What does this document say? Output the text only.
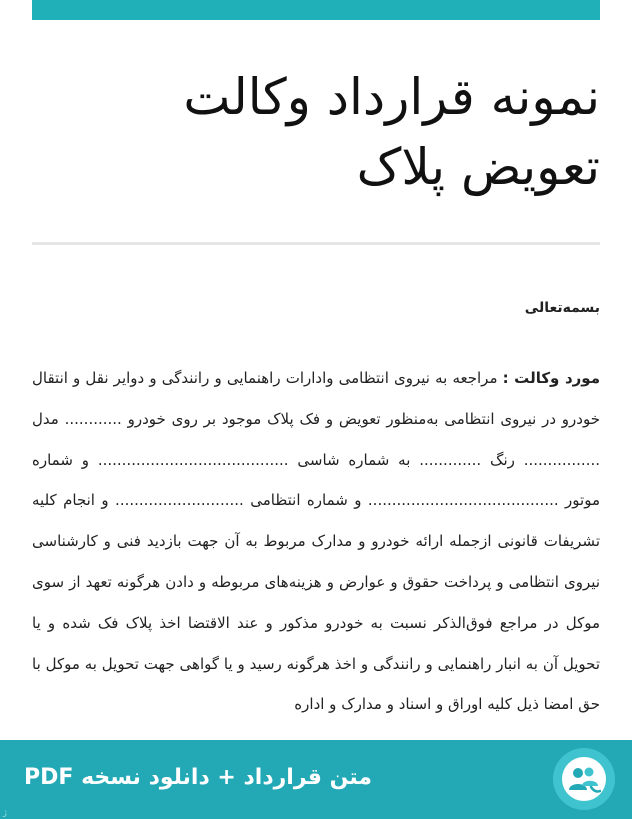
نمونه قرارداد وکالت تعویض پلاک

بسمه‌تعالی

مورد وکالت : مراجعه به نیروی انتظامی وادارات راهنمایی و رانندگی و دوایر نقل و انتقال خودرو در نیروی انتظامی به‌منظور تعویض و فک پلاک موجود بر روی خودرو ............ مدل ................ رنگ ............. به شماره شاسی ........................................ و شماره موتور ........................................ و شماره انتظامی ........................... و انجام کلیه تشریفات قانونی ازجمله ارائه خودرو و مدارک مربوط به آن جهت بازدید فنی و کارشناسی نیروی انتظامی و پرداخت حقوق و عوارض و هزینه‌های مربوطه و دادن هرگونه تعهد از سوی موکل در مراجع فوق‌الذکر نسبت به خودرو مذکور و عند الاقتضا اخذ پلاک فک شده و یا تحویل آن به انبار راهنمایی و رانندگی و اخذ هرگونه رسید و یا گواهی جهت تحویل به موکل با حق امضا ذیل کلیه اوراق و اسناد و مدارک و اداره

متن قرارداد + دانلود نسخه PDF
ژ
